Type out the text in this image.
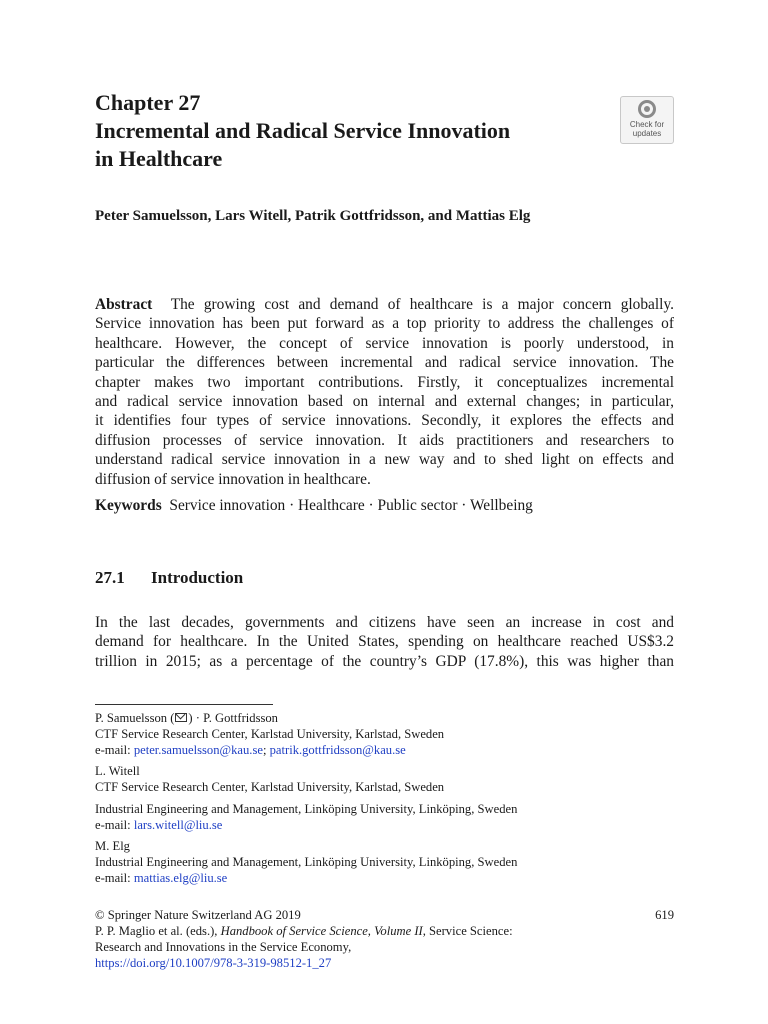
Chapter 27
Incremental and Radical Service Innovation
in Healthcare
Check for
updates
Peter Samuelsson, Lars Witell, Patrik Gottfridsson, and Mattias Elg
Abstract The growing cost and demand of healthcare is a major concern globally.
Service innovation has been put forward as a top priority to address the challenges of
healthcare. However, the concept of service innovation is poorly understood, in
particular the differences between incremental and radical service innovation. The
chapter makes two important contributions. Firstly, it conceptualizes incremental
and radical service innovation based on internal and external changes; in particular,
it identifies four types of service innovations. Secondly, it explores the effects and
diffusion processes of service innovation. It aids practitioners and researchers to
understand radical service innovation in a new way and to shed light on effects and
diffusion of service innovation in healthcare.
Keywords Service innovation · Healthcare · Public sector · Wellbeing
27.1 Introduction
In the last decades, governments and citizens have seen an increase in cost and
demand for healthcare. In the United States, spending on healthcare reached US$3.2
trillion in 2015; as a percentage of the country’s GDP (17.8%), this was higher than
P. Samuelsson ( ) · P. Gottfridsson
CTF Service Research Center, Karlstad University, Karlstad, Sweden
e-mail: peter.samuelsson@kau.se; patrik.gottfridsson@kau.se
L. Witell
CTF Service Research Center, Karlstad University, Karlstad, Sweden
Industrial Engineering and Management, Linköping University, Linköping, Sweden
e-mail: lars.witell@liu.se
M. Elg
Industrial Engineering and Management, Linköping University, Linköping, Sweden
e-mail: mattias.elg@liu.se
© Springer Nature Switzerland AG 2019	619
P. P. Maglio et al. (eds.), Handbook of Service Science, Volume II, Service Science:
Research and Innovations in the Service Economy,
https://doi.org/10.1007/978-3-319-98512-1_27
